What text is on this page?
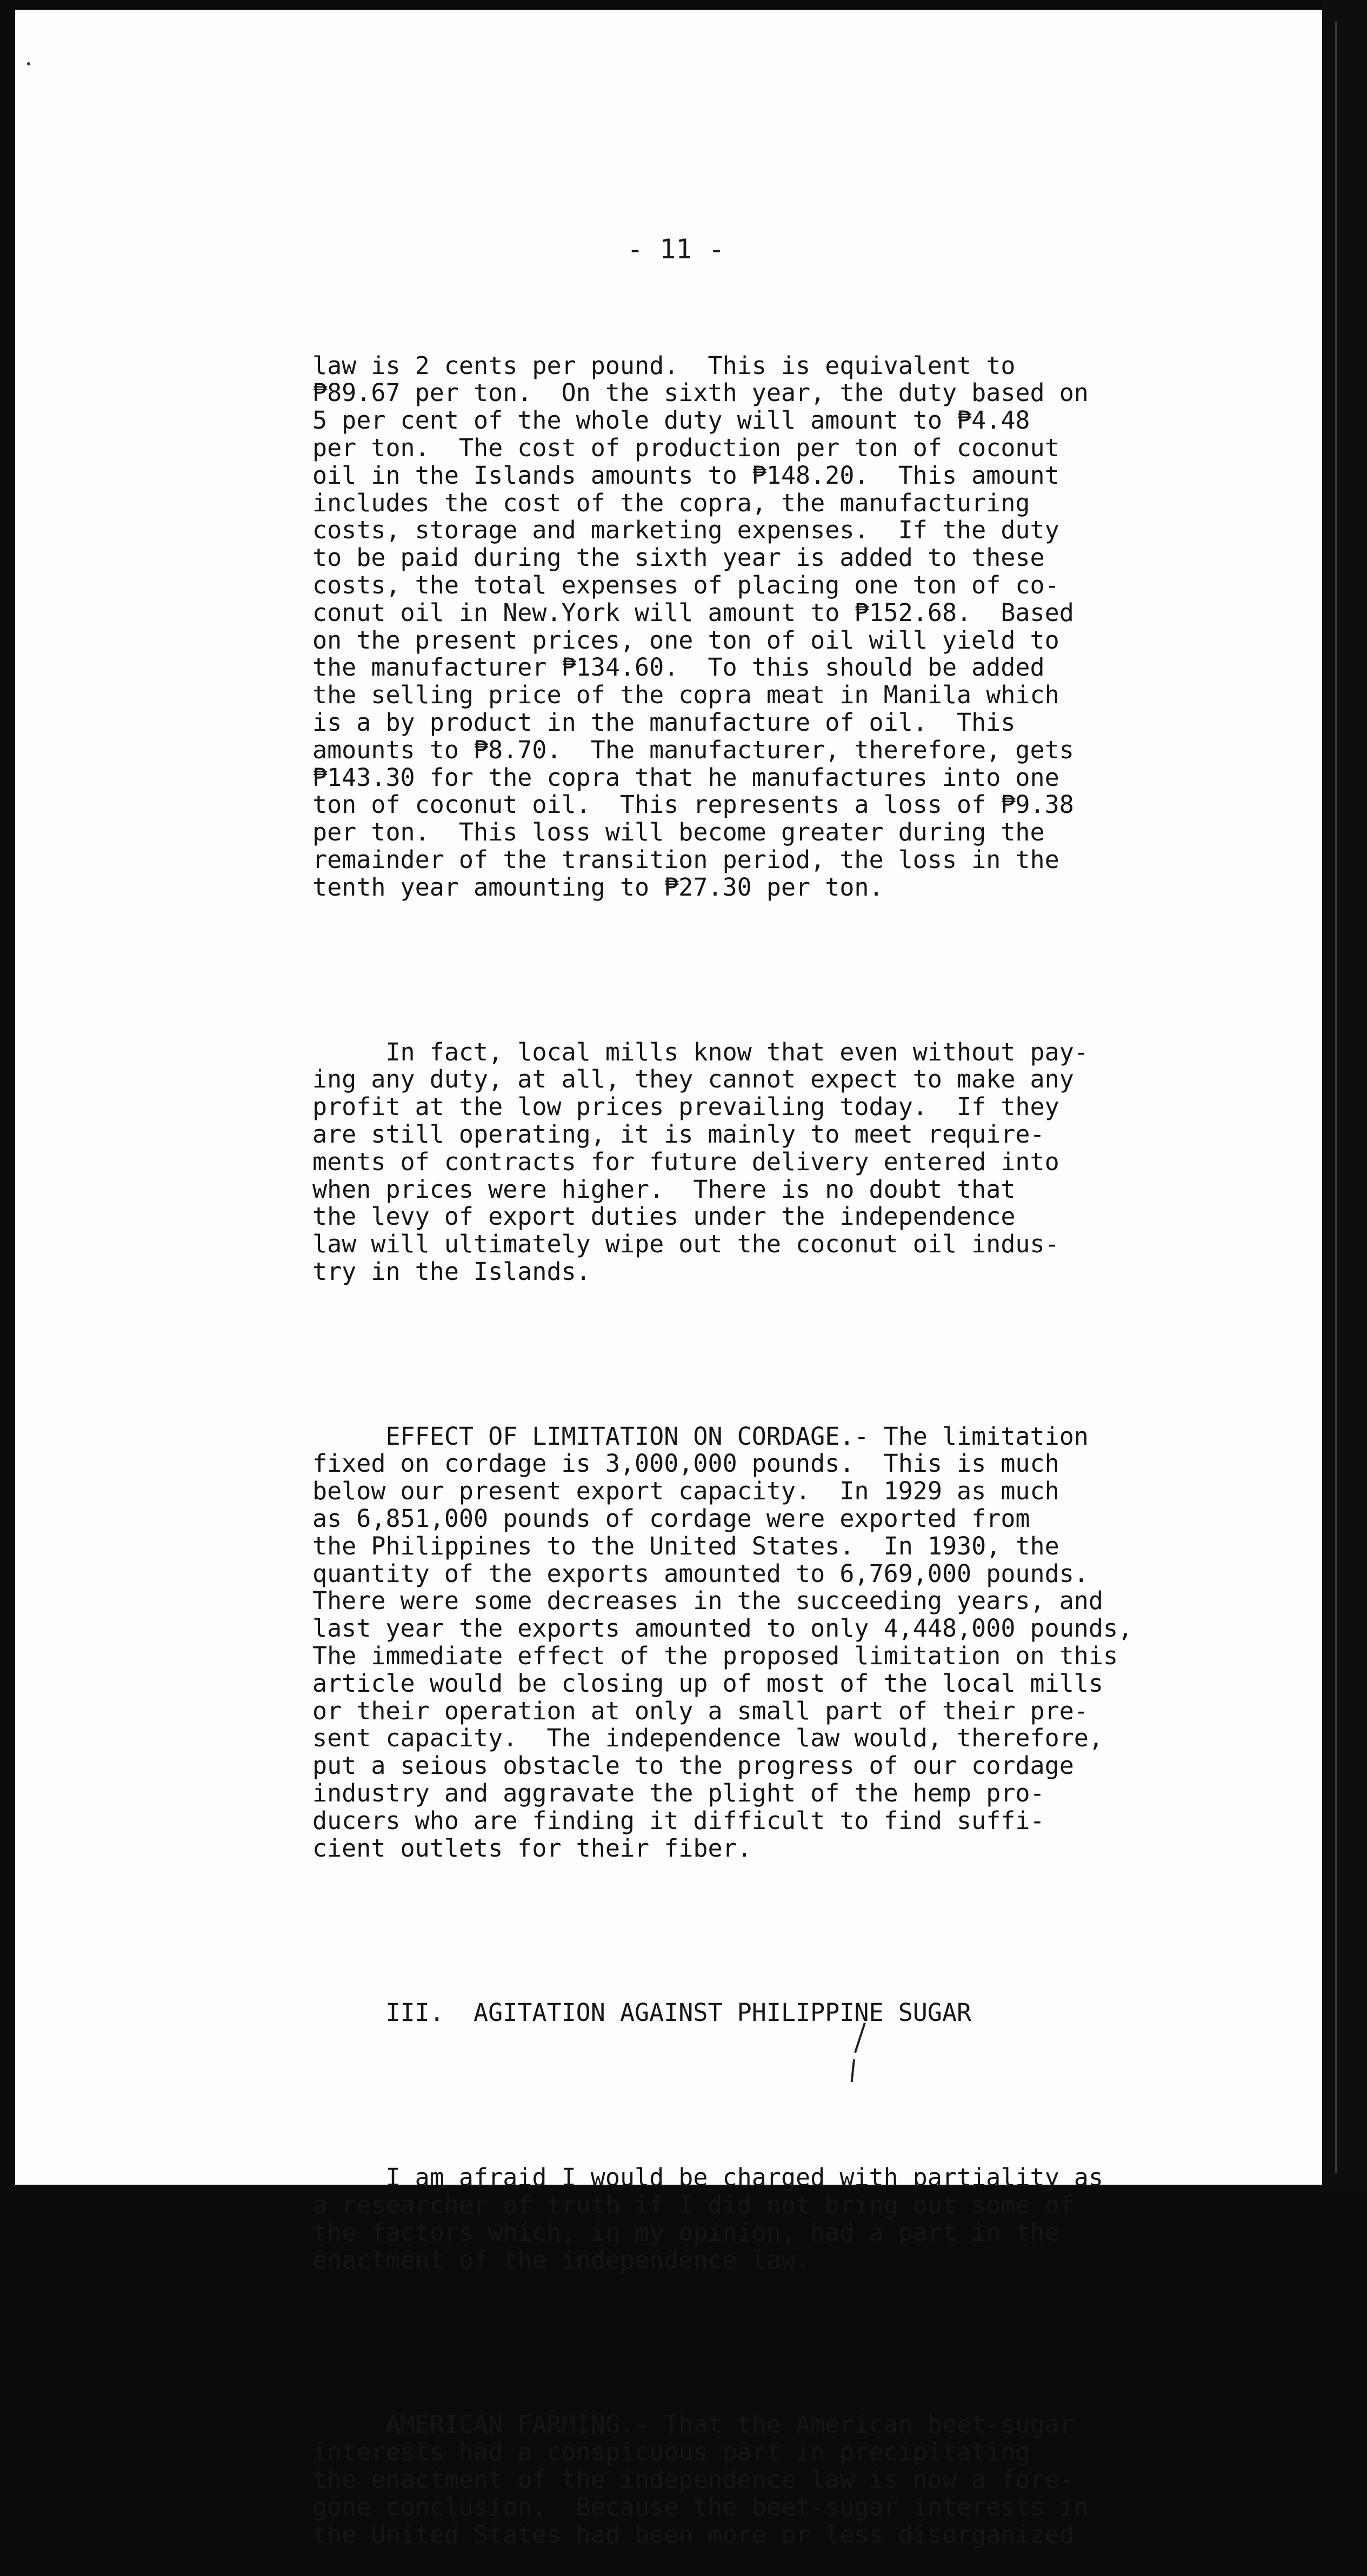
- 11 -

law is 2 cents per pound.  This is equivalent to
₱89.67 per ton.  On the sixth year, the duty based on
5 per cent of the whole duty will amount to ₱4.48
per ton.  The cost of production per ton of coconut
oil in the Islands amounts to ₱148.20.  This amount
includes the cost of the copra, the manufacturing
costs, storage and marketing expenses.  If the duty
to be paid during the sixth year is added to these
costs, the total expenses of placing one ton of co-
conut oil in New.York will amount to ₱152.68.  Based
on the present prices, one ton of oil will yield to
the manufacturer ₱134.60.  To this should be added
the selling price of the copra meat in Manila which
is a by product in the manufacture of oil.  This
amounts to ₱8.70.  The manufacturer, therefore, gets
₱143.30 for the copra that he manufactures into one
ton of coconut oil.  This represents a loss of ₱9.38
per ton.  This loss will become greater during the
remainder of the transition period, the loss in the
tenth year amounting to ₱27.30 per ton.

In fact, local mills know that even without pay-
ing any duty, at all, they cannot expect to make any
profit at the low prices prevailing today.  If they
are still operating, it is mainly to meet require-
ments of contracts for future delivery entered into
when prices were higher.  There is no doubt that
the levy of export duties under the independence
law will ultimately wipe out the coconut oil indus-
try in the Islands.

EFFECT OF LIMITATION ON CORDAGE.- The limitation
fixed on cordage is 3,000,000 pounds.  This is much
below our present export capacity.  In 1929 as much
as 6,851,000 pounds of cordage were exported from
the Philippines to the United States.  In 1930, the
quantity of the exports amounted to 6,769,000 pounds.
There were some decreases in the succeeding years, and
last year the exports amounted to only 4,448,000 pounds,
The immediate effect of the proposed limitation on this
article would be closing up of most of the local mills
or their operation at only a small part of their pre-
sent capacity.  The independence law would, therefore,
put a seious obstacle to the progress of our cordage
industry and aggravate the plight of the hemp pro-
ducers who are finding it difficult to find suffi-
cient outlets for their fiber.

III.  AGITATION AGAINST PHILIPPINE SUGAR

I am afraid I would be charged with partiality as
a researcher of truth if I did not bring out some of
the factors which, in my opinion, had a part in the
enactment of the independence law.

AMERICAN FARMING.- That the American beet-sugar
interests had a conspicuous part in precipitating
the enactment of the independence law is now a fore-
gone conclusion.  Because the beet-sugar interests in
the United States had been more or less disorganized
